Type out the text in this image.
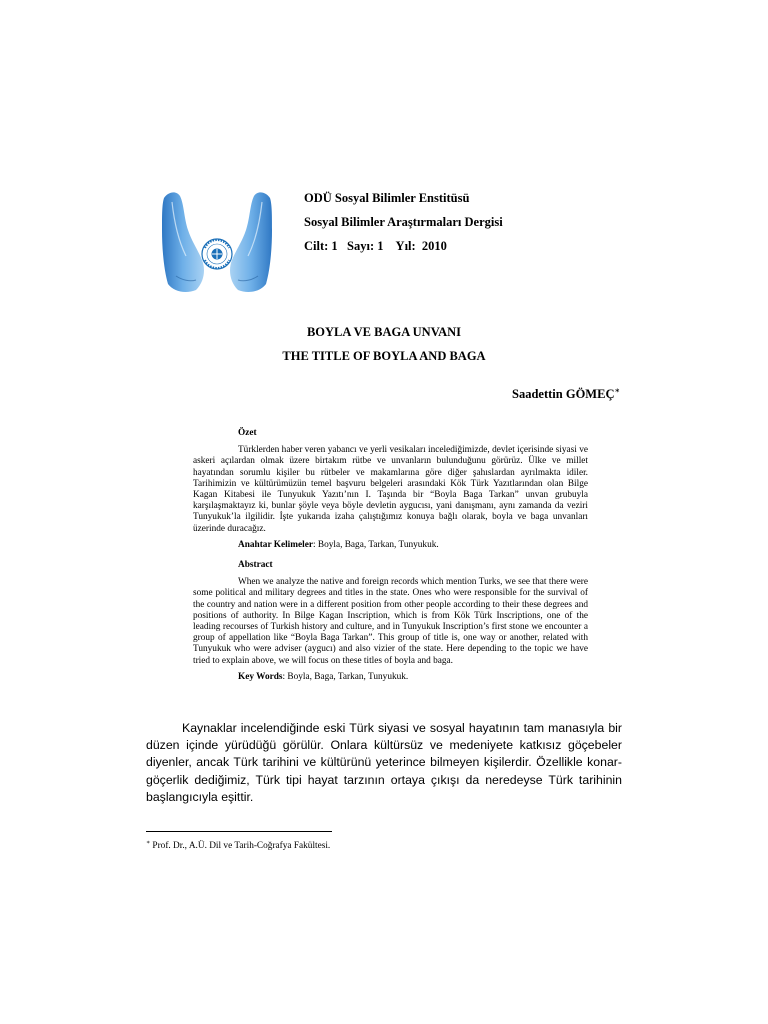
ODÜ Sosyal Bilimler Enstitüsü
Sosyal Bilimler Araştırmaları Dergisi
Cilt: 1   Sayı: 1    Yıl:  2010
BOYLA VE BAGA UNVANI
THE TITLE OF BOYLA AND BAGA
Saadettin GÖMEÇ∗
Özet

Türklerden haber veren yabancı ve yerli vesikaları incelediğimizde, devlet içerisinde siyasi ve askeri açılardan olmak üzere birtakım rütbe ve unvanların bulunduğunu görürüz. Ülke ve millet hayatından sorumlu kişiler bu rütbeler ve makamlarına göre diğer şahıslardan ayrılmakta idiler. Tarihimizin ve kültürümüzün temel başvuru belgeleri arasındaki Kök Türk Yazıtlarından olan Bilge Kagan Kitabesi ile Tunyukuk Yazıtı’nın I. Taşında bir “Boyla Baga Tarkan” unvan grubuyla karşılaşmaktayız ki, bunlar şöyle veya böyle devletin aygucısı, yani danışmanı, aynı zamanda da veziri Tunyukuk’la ilgilidir. İşte yukarıda izaha çalıştığımız konuya bağlı olarak, boyla ve baga unvanları üzerinde duracağız.

Anahtar Kelimeler: Boyla, Baga, Tarkan, Tunyukuk.
Abstract

When we analyze the native and foreign records which mention Turks, we see that there were some political and military degrees and titles in the state. Ones who were responsible for the survival of the country and nation were in a different position from other people according to their these degrees and positions of authority. In Bilge Kagan Inscription, which is from Kök Türk Inscriptions, one of the leading recourses of Turkish history and culture, and in Tunyukuk Inscription’s first stone we encounter a group of appellation like “Boyla Baga Tarkan”. This group of title is, one way or another, related with Tunyukuk who were adviser (aygucı) and also vizier of the state. Here depending to the topic we have tried to explain above, we will focus on these titles of boyla and baga.

Key Words: Boyla, Baga, Tarkan, Tunyukuk.

Kaynaklar incelendiğinde eski Türk siyasi ve sosyal hayatının tam manasıyla bir düzen içinde yürüdüğü görülür. Onlara kültürsüz ve medeniyete katkısız göçebeler diyenler, ancak Türk tarihini ve kültürünü yeterince bilmeyen kişilerdir. Özellikle konar-göçerlik dediğimiz, Türk tipi hayat tarzının ortaya çıkışı da neredeyse Türk tarihinin başlangıcıyla eşittir.

∗ Prof. Dr., A.Ü. Dil ve Tarih-Coğrafya Fakültesi.
